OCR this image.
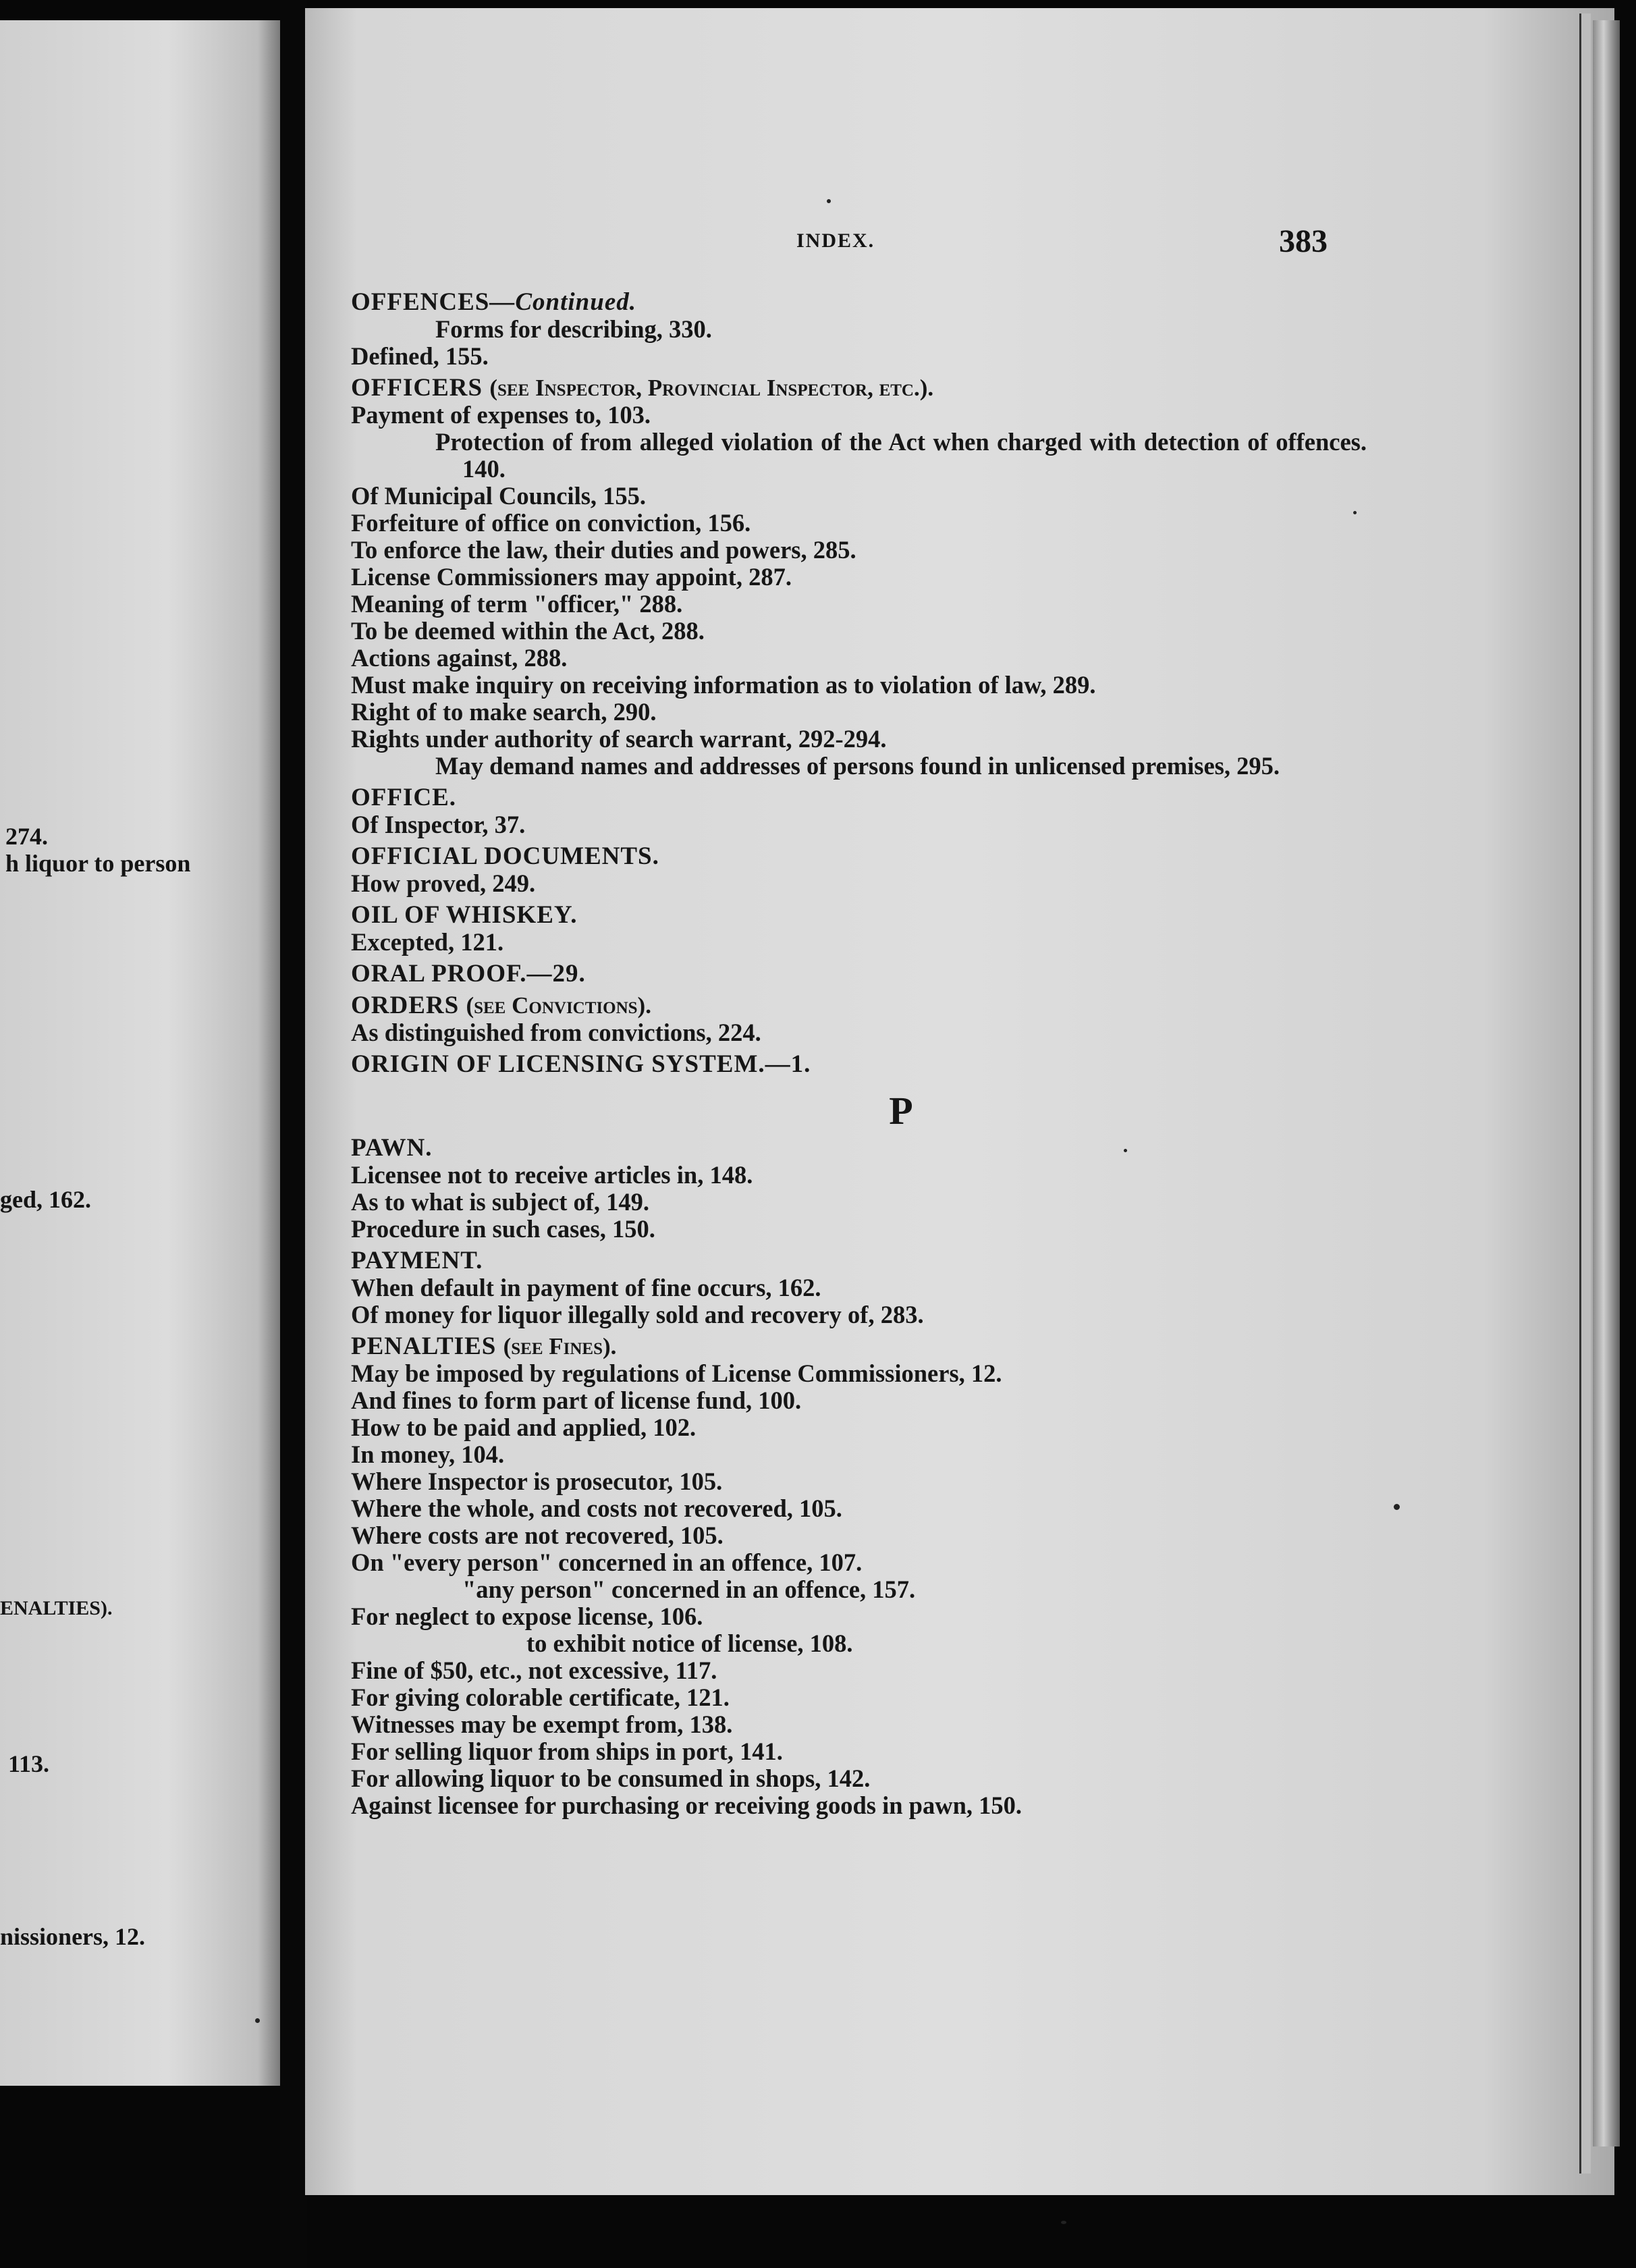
274.
h liquor to person
ged, 162.
ENALTIES).
113.
nissioners, 12.
INDEX.	383

OFFENCES—Continued.

Forms for describing, 330.

Defined, 155.

OFFICERS (see Inspector, Provincial Inspector, etc.).

Payment of expenses to, 103.

Protection of from alleged violation of the Act when charged with detection of offences. 140.

Of Municipal Councils, 155.

Forfeiture of office on conviction, 156.

To enforce the law, their duties and powers, 285.

License Commissioners may appoint, 287.

Meaning of term "officer," 288.

To be deemed within the Act, 288.

Actions against, 288.

Must make inquiry on receiving information as to violation of law, 289.

Right of to make search, 290.

Rights under authority of search warrant, 292-294.

May demand names and addresses of persons found in unlicensed premises, 295.

OFFICE.

Of Inspector, 37.

OFFICIAL DOCUMENTS.

How proved, 249.

OIL OF WHISKEY.

Excepted, 121.

ORAL PROOF.—29.

ORDERS (see Convictions).

As distinguished from convictions, 224.

ORIGIN OF LICENSING SYSTEM.—1.

P

PAWN.

Licensee not to receive articles in, 148.

As to what is subject of, 149.

Procedure in such cases, 150.

PAYMENT.

When default in payment of fine occurs, 162.

Of money for liquor illegally sold and recovery of, 283.

PENALTIES (see Fines).

May be imposed by regulations of License Commissioners, 12.

And fines to form part of license fund, 100.

How to be paid and applied, 102.

In money, 104.

Where Inspector is prosecutor, 105.

Where the whole, and costs not recovered, 105.

Where costs are not recovered, 105.

On "every person" concerned in an offence, 107.

"any person" concerned in an offence, 157.

For neglect to expose license, 106.

to exhibit notice of license, 108.

Fine of $50, etc., not excessive, 117.

For giving colorable certificate, 121.

Witnesses may be exempt from, 138.

For selling liquor from ships in port, 141.

For allowing liquor to be consumed in shops, 142.

Against licensee for purchasing or receiving goods in pawn, 150.
